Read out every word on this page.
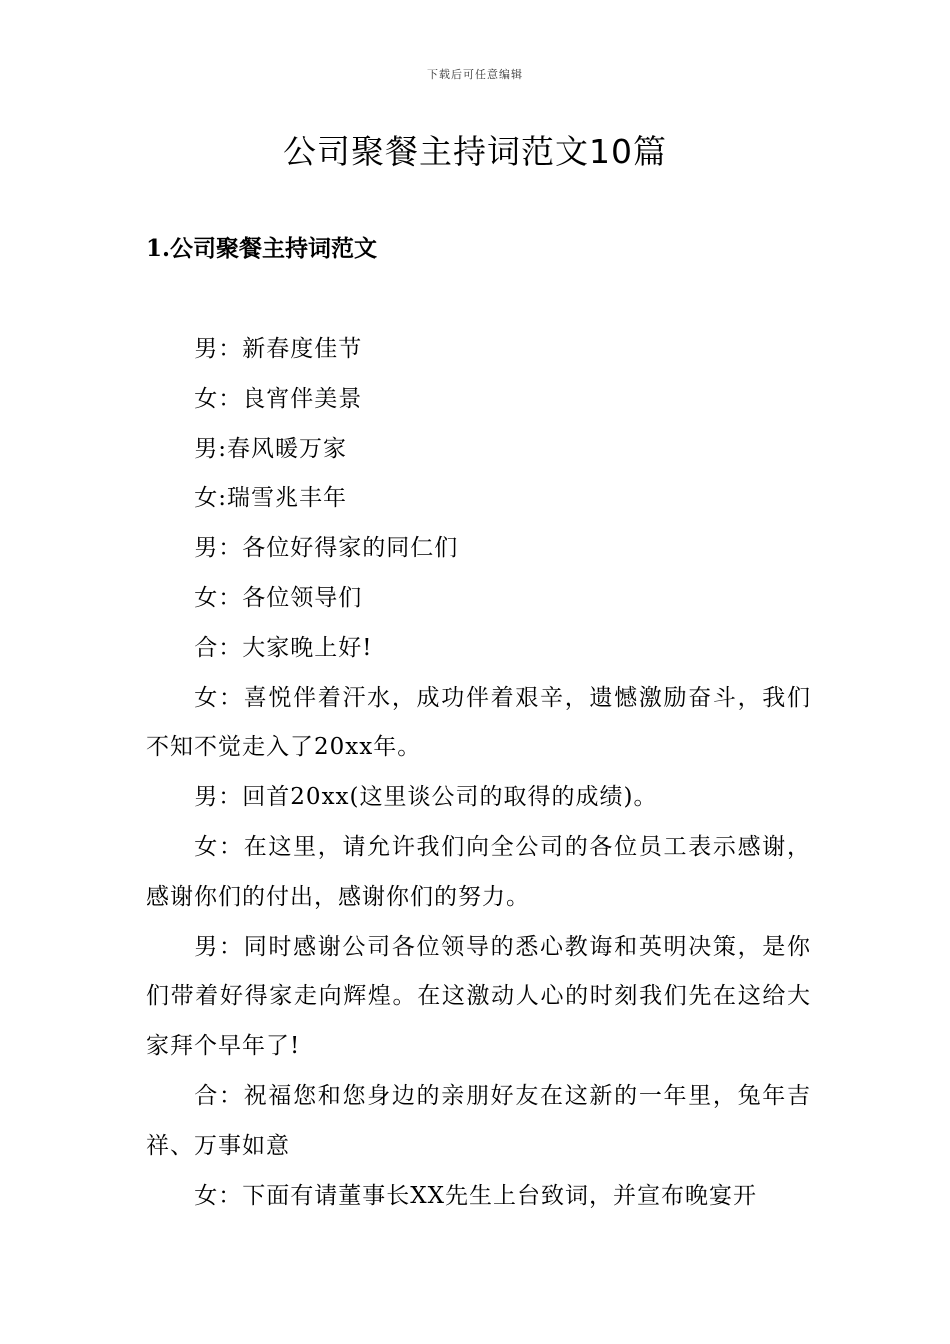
下载后可任意编辑
公司聚餐主持词范文10篇
1.公司聚餐主持词范文

男：新春度佳节

女：良宵伴美景

男:春风暖万家

女:瑞雪兆丰年

男：各位好得家的同仁们

女：各位领导们

合：大家晚上好!

女：喜悦伴着汗水，成功伴着艰辛，遗憾激励奋斗，我们不知不觉走入了20xx年。

男：回首20xx(这里谈公司的取得的成绩)。

女：在这里，请允许我们向全公司的各位员工表示感谢，感谢你们的付出，感谢你们的努力。

男：同时感谢公司各位领导的悉心教诲和英明决策，是你们带着好得家走向辉煌。在这激动人心的时刻我们先在这给大家拜个早年了!

合：祝福您和您身边的亲朋好友在这新的一年里，兔年吉祥、万事如意

女：下面有请董事长XX先生上台致词，并宣布晚宴开
